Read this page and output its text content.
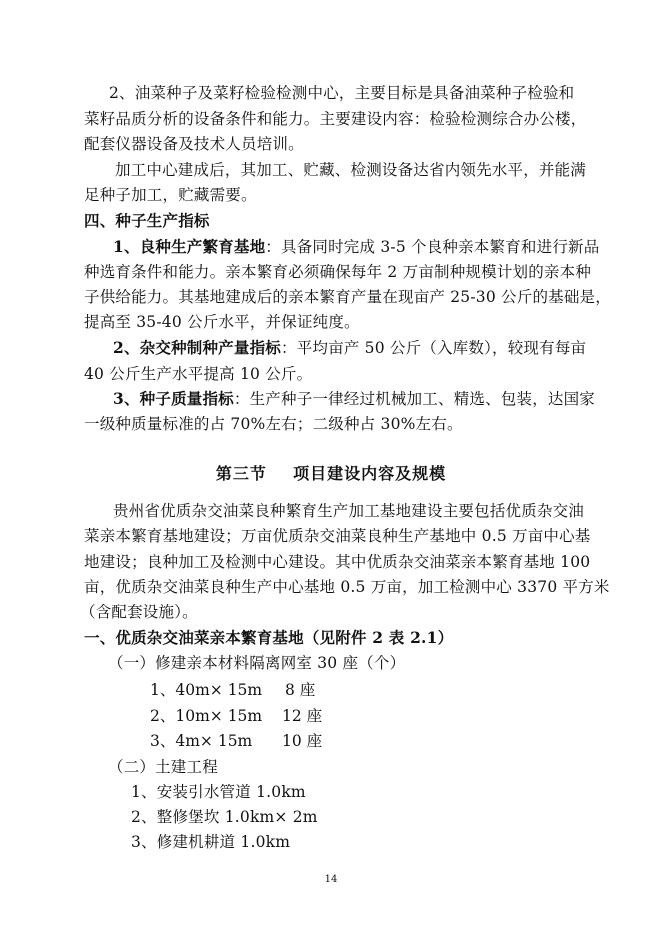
2、油菜种子及菜籽检验检测中心，主要目标是具备油菜种子检验和
菜籽品质分析的设备条件和能力。主要建设内容：检验检测综合办公楼，
配套仪器设备及技术人员培训。
加工中心建成后，其加工、贮藏、检测设备达省内领先水平，并能满
足种子加工，贮藏需要。
四、种子生产指标
1、良种生产繁育基地：具备同时完成 3-5 个良种亲本繁育和进行新品
种选育条件和能力。亲本繁育必须确保每年 2 万亩制种规模计划的亲本种
子供给能力。其基地建成后的亲本繁育产量在现亩产 25-30 公斤的基础是，
提高至 35-40 公斤水平，并保证纯度。
2、杂交种制种产量指标：平均亩产 50 公斤（入库数），较现有每亩
40 公斤生产水平提高 10 公斤。
3、种子质量指标：生产种子一律经过机械加工、精选、包装，达国家
一级种质量标准的占 70%左右；二级种占 30%左右。
第三节    项目建设内容及规模
贵州省优质杂交油菜良种繁育生产加工基地建设主要包括优质杂交油
菜亲本繁育基地建设；万亩优质杂交油菜良种生产基地中 0.5 万亩中心基
地建设；良种加工及检测中心建设。其中优质杂交油菜亲本繁育基地 100
亩，优质杂交油菜良种生产中心基地 0.5 万亩，加工检测中心 3370 平方米
（含配套设施）。
一、优质杂交油菜亲本繁育基地（见附件 2 表 2.1）
（一）修建亲本材料隔离网室 30 座（个）
1、40m× 15m 8 座
2、10m× 15m 12 座
3、4m× 15m 10 座
（二）土建工程
1、安装引水管道 1.0km
2、整修堡坎 1.0km× 2m
3、修建机耕道 1.0km
14
